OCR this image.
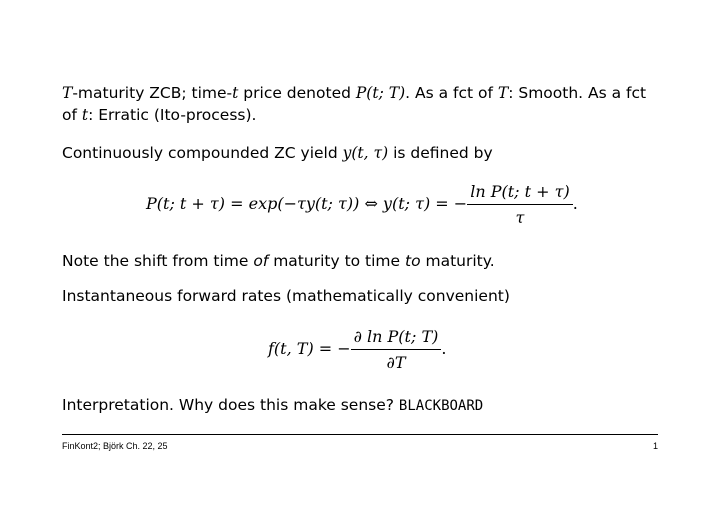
T-maturity ZCB; time-t price denoted P(t; T). As a fct of T: Smooth. As a fct of t: Erratic (Ito-process).

Continuously compounded ZC yield y(t, τ) is defined by

P(t; t + τ) = exp(−τy(t; τ)) ⇔ y(t; τ) = − $\frac{\text{ln P(t; t + τ)}}{\tau}$ .

Note the shift from time of maturity to time to maturity.

Instantaneous forward rates (mathematically convenient)

f(t, T) = − $\frac{\text{∂ ln P(t; T)}}{\partial T}$ .

Interpretation. Why does this make sense? BLACKBOARD

FinKont2; Björk Ch. 22, 25	1
